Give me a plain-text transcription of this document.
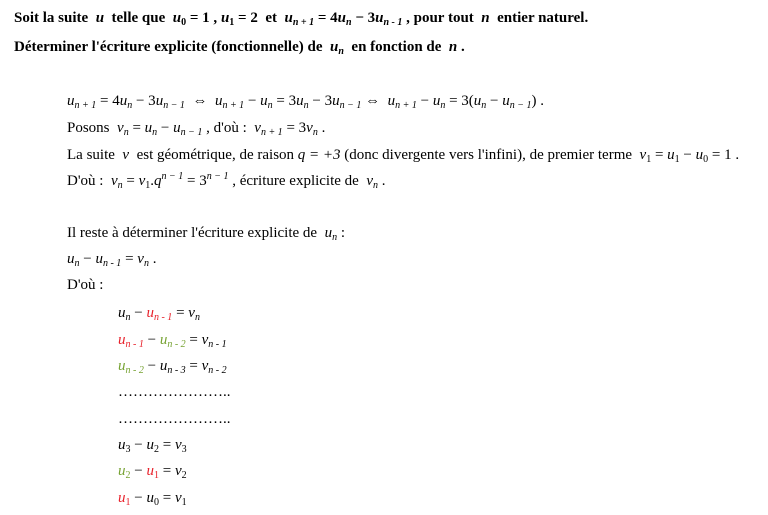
Soit la suite  u  telle que  $u_0 = 1$ , $u_1 = 2$  et  $u_{n + 1} = 4u_n - 3u_{n - 1}$ , pour tout  n  entier naturel.
Déterminer l'écriture explicite (fonctionnelle) de  $u_n$ en fonction de  n .
$u_{n + 1} = 4u_n - 3u_{n - 1}$  ⇔  $u_{n + 1} - u_n = 3u_n - 3u_{n - 1}$ ⇔  $u_{n + 1} - u_n = 3(u_n - u_{n - 1})$ .
Posons  $v_n = u_n - u_{n - 1}$ , d'où :  $v_{n + 1} = 3v_n$ .
La suite  v  est géométrique, de raison q = +3 (donc divergente vers l'infini), de premier terme  $v_1 = u_1 - u_0 = 1$ .
D'où :  $v_n = v_1.q^{n - 1} = 3^{n - 1}$ , écriture explicite de  $v_n$ .
Il reste à déterminer l'écriture explicite de  $u_n$ :
$u_n - u_{n - 1} = v_n$ .
D'où :
$u_n - u_{n - 1} = v_n$
$u_{n - 1} - u_{n - 2} = v_{n - 1}$
$u_{n - 2} - u_{n - 3} = v_{n - 2}$
…………………..
…………………..
$u_3 - u_2 = v_3$
$u_2 - u_1 = v_2$
$u_1 - u_0 = v_1$
